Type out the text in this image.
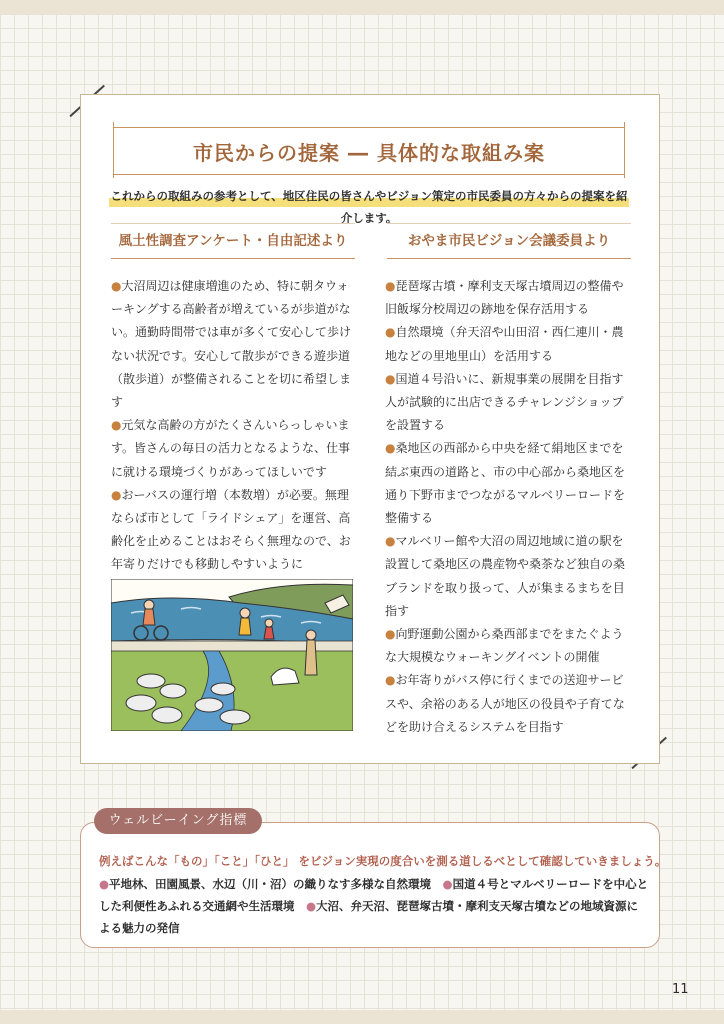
市民からの提案 ― 具体的な取組み案
これからの取組みの参考として、地区住民の皆さんやビジョン策定の市民委員の方々からの提案を紹介します。
風土性調査アンケート・自由記述より	おやま市民ビジョン会議委員より

●大沼周辺は健康増進のため、特に朝タウォーキングする高齢者が増えているが歩道がない。通勤時間帯では車が多くて安心して歩けない状況です。安心して散歩ができる遊歩道（散歩道）が整備されることを切に希望します

●元気な高齢の方がたくさんいらっしゃいます。皆さんの毎日の活力となるような、仕事に就ける環境づくりがあってほしいです

●おーバスの運行増（本数増）が必要。無理ならば市として「ライドシェア」を運営、高齢化を止めることはおそらく無理なので、お年寄りだけでも移動しやすいように

●琵琶塚古墳・摩利支天塚古墳周辺の整備や旧飯塚分校周辺の跡地を保存活用する

●自然環境（弁天沼や山田沼・西仁連川・農地などの里地里山）を活用する

●国道４号沿いに、新規事業の展開を目指す人が試験的に出店できるチャレンジショップを設置する

●桑地区の西部から中央を経て絹地区までを結ぶ東西の道路と、市の中心部から桑地区を通り下野市までつながるマルベリーロードを整備する

●マルベリー館や大沼の周辺地域に道の駅を設置して桑地区の農産物や桑茶など独自の桑ブランドを取り扱って、人が集まるまちを目指す

●向野運動公園から桑西部までをまたぐような大規模なウォーキングイベントの開催

●お年寄りがバス停に行くまでの送迎サービスや、余裕のある人が地区の役員や子育てなどを助け合えるシステムを目指す

例えばこんな「もの」「こと」「ひと」 をビジョン実現の度合いを測る道しるべとして確認していきましょう。
●平地林、田園風景、水辺（川・沼）の織りなす多様な自然環境　 ●国道４号とマルベリーロードを中心とした利便性あふれる交通網や生活環境　 ●大沼、弁天沼、琵琶塚古墳・摩利支天塚古墳などの地域資源による魅力の発信
ウェルビーイング指標
11
